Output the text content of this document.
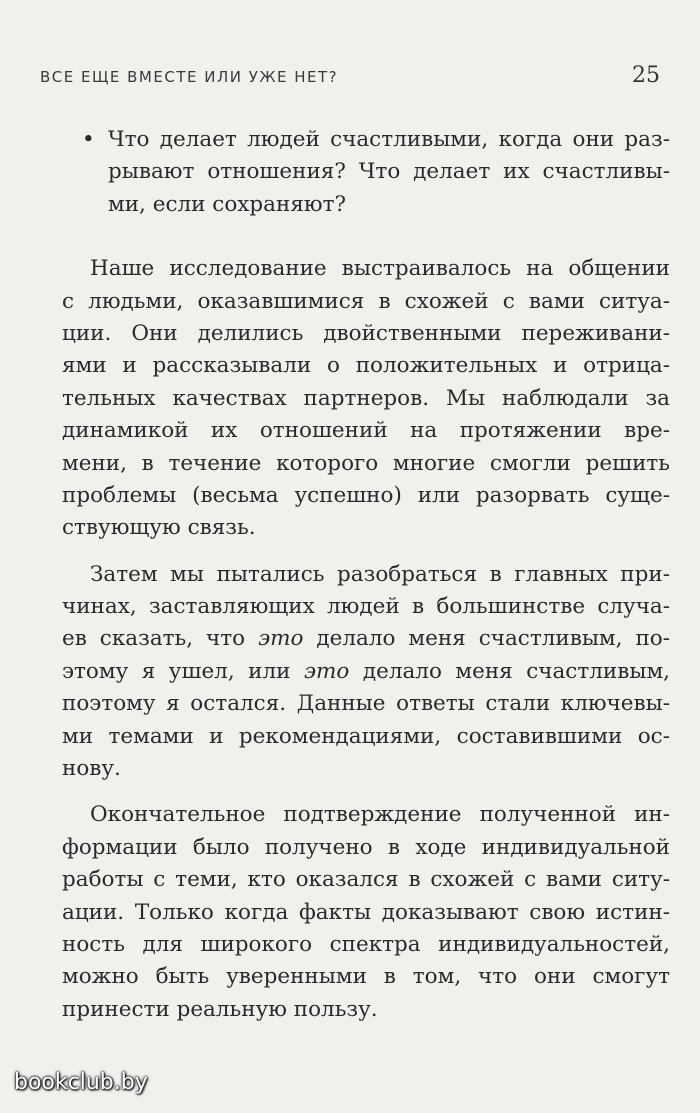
ВСЕ ЕЩЕ ВМЕСТЕ ИЛИ УЖЕ НЕТ?	25
• Что делает людей счастливыми, когда они раз-
рывают отношения? Что делает их счастливы-
ми, если сохраняют?
Наше исследование выстраивалось на общении
с людьми, оказавшимися в схожей с вами ситуа-
ции. Они делились двойственными переживани-
ями и рассказывали о положительных и отрица-
тельных качествах партнеров. Мы наблюдали за
динамикой их отношений на протяжении вре-
мени, в течение которого многие смогли решить
проблемы (весьма успешно) или разорвать суще-
ствующую связь.
Затем мы пытались разобраться в главных при-
чинах, заставляющих людей в большинстве случа-
ев сказать, что это делало меня счастливым, по-
этому я ушел, или это делало меня счастливым,
поэтому я остался. Данные ответы стали ключевы-
ми темами и рекомендациями, составившими ос-
нову.
Окончательное подтверждение полученной ин-
формации было получено в ходе индивидуальной
работы с теми, кто оказался в схожей с вами ситу-
ации. Только когда факты доказывают свою истин-
ность для широкого спектра индивидуальностей,
можно быть уверенными в том, что они смогут
принести реальную пользу.
bookclub.by
